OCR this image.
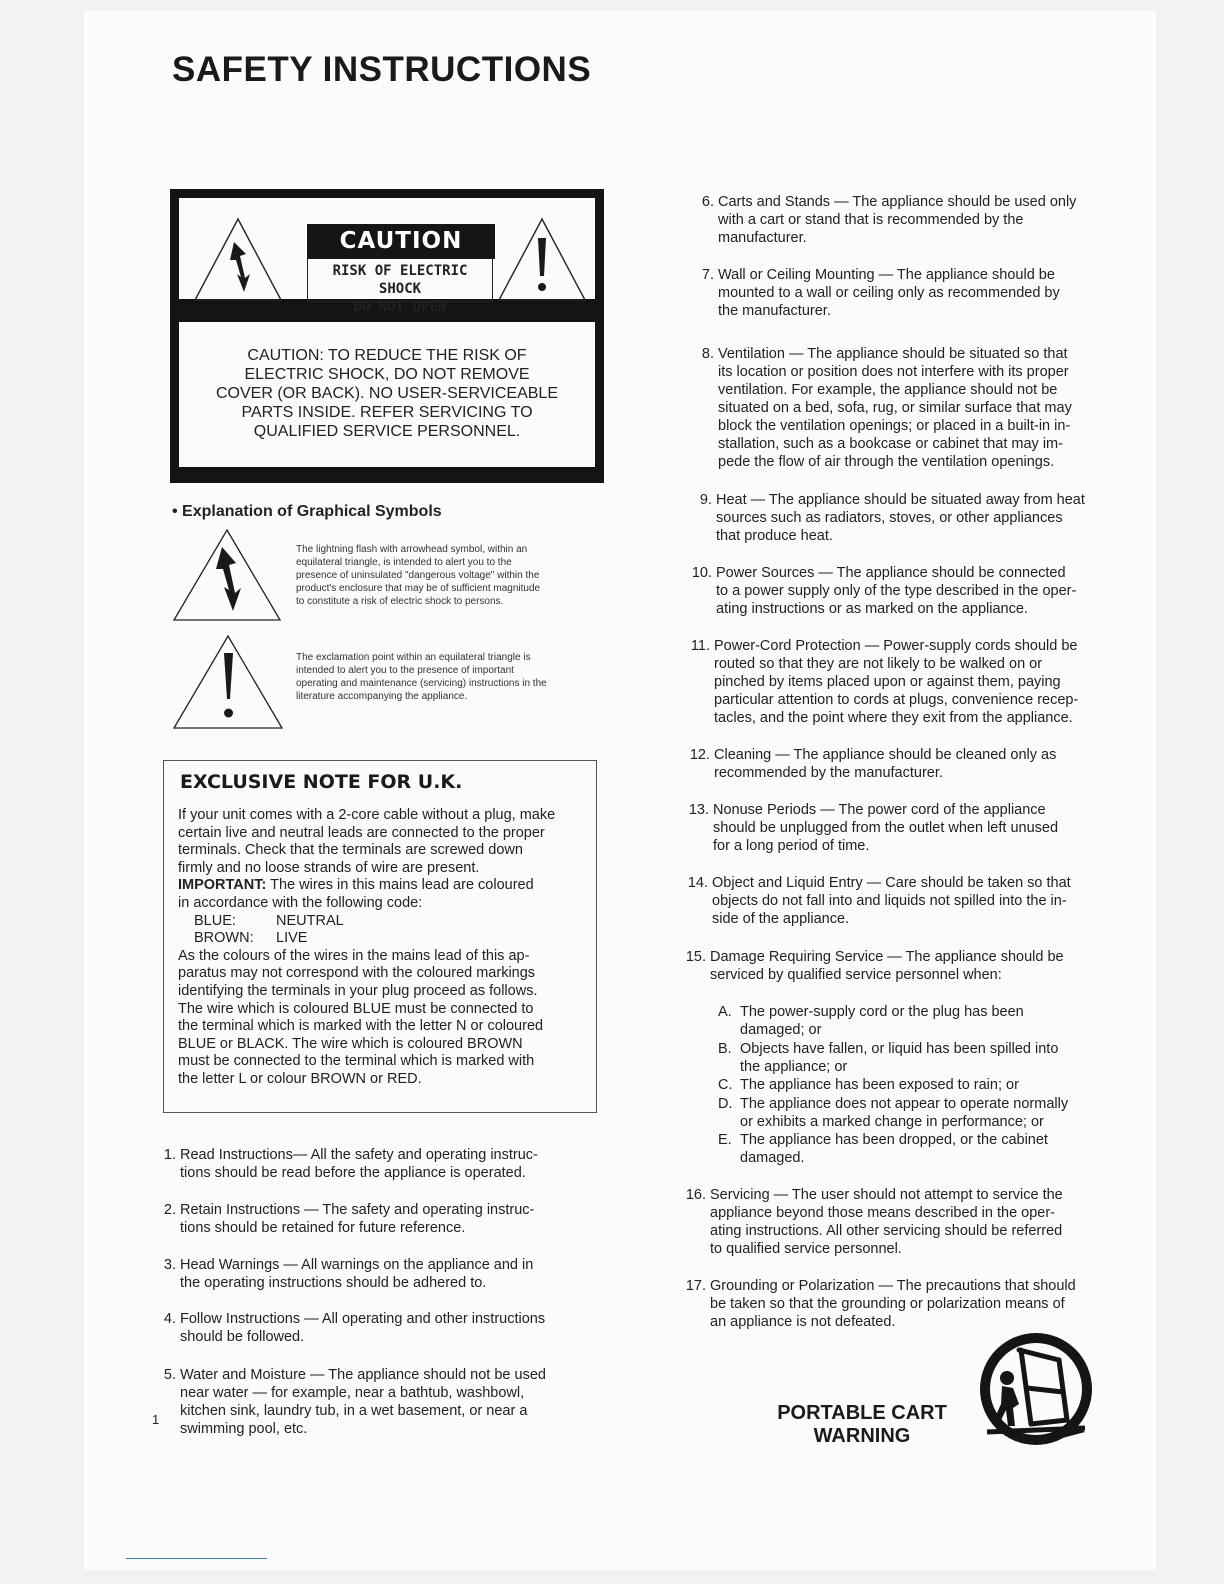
SAFETY INSTRUCTIONS
CAUTION
RISK OF ELECTRIC SHOCK
DO NOT OPEN
CAUTION: TO REDUCE THE RISK OF
ELECTRIC SHOCK, DO NOT REMOVE
COVER (OR BACK). NO USER-SERVICEABLE
PARTS INSIDE. REFER SERVICING TO
QUALIFIED SERVICE PERSONNEL.
• Explanation of Graphical Symbols
The lightning flash with arrowhead symbol, within an
equilateral triangle, is intended to alert you to the
presence of uninsulated "dangerous voltage" within the
product's enclosure that may be of sufficient magnitude
to constitute a risk of electric shock to persons.
The exclamation point within an equilateral triangle is
intended to alert you to the presence of important
operating and maintenance (servicing) instructions in the
literature accompanying the appliance.
EXCLUSIVE NOTE FOR U.K.

If your unit comes with a 2-core cable without a plug, make

certain live and neutral leads are connected to the proper

terminals. Check that the terminals are screwed down

firmly and no loose strands of wire are present.

IMPORTANT: The wires in this mains lead are coloured

in accordance with the following code:

BLUE:	NEUTRAL
BROWN:	LIVE

As the colours of the wires in the mains lead of this ap-

paratus may not correspond with the coloured markings

identifying the terminals in your plug proceed as follows.

The wire which is coloured BLUE must be connected to

the terminal which is marked with the letter N or coloured

BLUE or BLACK. The wire which is coloured BROWN

must be connected to the terminal which is marked with

the letter L or colour BROWN or RED.

1. Read Instructions— All the safety and operating instruc-
tions should be read before the appliance is operated.
2. Retain Instructions — The safety and operating instruc-
tions should be retained for future reference.
3. Head Warnings — All warnings on the appliance and in
the operating instructions should be adhered to.
4. Follow Instructions — All operating and other instructions
should be followed.
5. Water and Moisture — The appliance should not be used
near water — for example, near a bathtub, washbowl,
kitchen sink, laundry tub, in a wet basement, or near a
swimming pool, etc.
6. Carts and Stands — The appliance should be used only
with a cart or stand that is recommended by the
manufacturer.
7. Wall or Ceiling Mounting — The appliance should be
mounted to a wall or ceiling only as recommended by
the manufacturer.
8. Ventilation — The appliance should be situated so that
its location or position does not interfere with its proper
ventilation. For example, the appliance should not be
situated on a bed, sofa, rug, or similar surface that may
block the ventilation openings; or placed in a built-in in-
stallation, such as a bookcase or cabinet that may im-
pede the flow of air through the ventilation openings.
9. Heat — The appliance should be situated away from heat
sources such as radiators, stoves, or other appliances
that produce heat.
10. Power Sources — The appliance should be connected
to a power supply only of the type described in the oper-
ating instructions or as marked on the appliance.
11. Power-Cord Protection — Power-supply cords should be
routed so that they are not likely to be walked on or
pinched by items placed upon or against them, paying
particular attention to cords at plugs, convenience recep-
tacles, and the point where they exit from the appliance.
12. Cleaning — The appliance should be cleaned only as
recommended by the manufacturer.
13. Nonuse Periods — The power cord of the appliance
should be unplugged from the outlet when left unused
for a long period of time.
14. Object and Liquid Entry — Care should be taken so that
objects do not fall into and liquids not spilled into the in-
side of the appliance.
15. Damage Requiring Service — The appliance should be
serviced by qualified service personnel when:
A. The power-supply cord or the plug has been
damaged; or
B. Objects have fallen, or liquid has been spilled into
the appliance; or
C. The appliance has been exposed to rain; or
D. The appliance does not appear to operate normally
or exhibits a marked change in performance; or
E. The appliance has been dropped, or the cabinet
damaged.
16. Servicing — The user should not attempt to service the
appliance beyond those means described in the oper-
ating instructions. All other servicing should be referred
to qualified service personnel.
17. Grounding or Polarization — The precautions that should
be taken so that the grounding or polarization means of
an appliance is not defeated.
1	PORTABLE CART
WARNING
